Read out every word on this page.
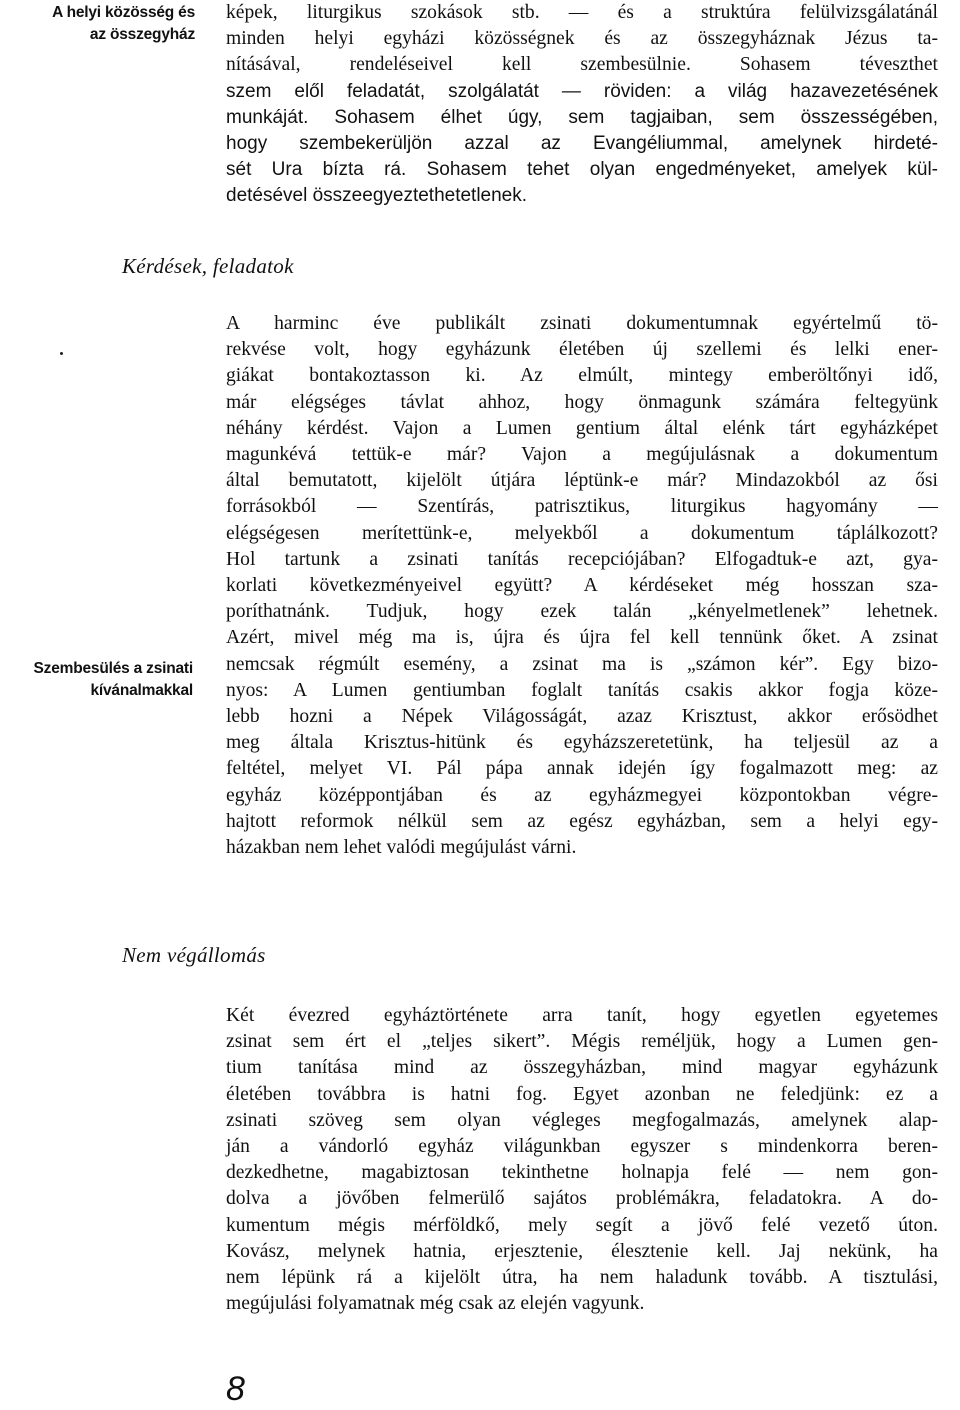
A helyi közösség és
az összegyház
Szembesülés a zsinati
kívánalmakkal
képek, liturgikus szokások stb. — és a struktúra felülvizsgálatánál
minden helyi egyházi közösségnek és az összegyháznak Jézus ta-
nításával, rendeléseivel kell szembesülnie. Sohasem téveszthet
szem elől feladatát, szolgálatát — röviden: a világ hazavezetésének
munkáját. Sohasem élhet úgy, sem tagjaiban, sem összességében,
hogy szembekerüljön azzal az Evangéliummal, amelynek hirdeté-
sét Ura bízta rá. Sohasem tehet olyan engedményeket, amelyek kül-
detésével összeegyeztethetetlenek.
Kérdések, feladatok
A harminc éve publikált zsinati dokumentumnak egyértelmű tö-
rekvése volt, hogy egyházunk életében új szellemi és lelki ener-
giákat bontakoztasson ki. Az elmúlt, mintegy emberöltőnyi idő,
már elégséges távlat ahhoz, hogy önmagunk számára feltegyünk
néhány kérdést. Vajon a Lumen gentium által elénk tárt egyházképet
magunkévá tettük-e már? Vajon a megújulásnak a dokumentum
által bemutatott, kijelölt útjára léptünk-e már? Mindazokból az ősi
forrásokból — Szentírás, patrisztikus, liturgikus hagyomány —
elégségesen merítettünk-e, melyekből a dokumentum táplálkozott?
Hol tartunk a zsinati tanítás recepciójában? Elfogadtuk-e azt, gya-
korlati következményeivel együtt? A kérdéseket még hosszan sza-
poríthatnánk. Tudjuk, hogy ezek talán „kényelmetlenek” lehetnek.
Azért, mivel még ma is, újra és újra fel kell tennünk őket. A zsinat
nemcsak régmúlt esemény, a zsinat ma is „számon kér”. Egy bizo-
nyos: A Lumen gentiumban foglalt tanítás csakis akkor fogja köze-
lebb hozni a Népek Világosságát, azaz Krisztust, akkor erősödhet
meg általa Krisztus-hitünk és egyházszeretetünk, ha teljesül az a
feltétel, melyet VI. Pál pápa annak idején így fogalmazott meg: az
egyház középpontjában és az egyházmegyei központokban végre-
hajtott reformok nélkül sem az egész egyházban, sem a helyi egy-
házakban nem lehet valódi megújulást várni.
Nem végállomás
Két évezred egyháztörténete arra tanít, hogy egyetlen egyetemes
zsinat sem ért el „teljes sikert”. Mégis reméljük, hogy a Lumen gen-
tium tanítása mind az összegyházban, mind magyar egyházunk
életében továbbra is hatni fog. Egyet azonban ne feledjünk: ez a
zsinati szöveg sem olyan végleges megfogalmazás, amelynek alap-
ján a vándorló egyház világunkban egyszer s mindenkorra beren-
dezkedhetne, magabiztosan tekinthetne holnapja felé — nem gon-
dolva a jövőben felmerülő sajátos problémákra, feladatokra. A do-
kumentum mégis mérföldkő, mely segít a jövő felé vezető úton.
Kovász, melynek hatnia, erjesztenie, élesztenie kell. Jaj nekünk, ha
nem lépünk rá a kijelölt útra, ha nem haladunk tovább. A tisztulási,
megújulási folyamatnak még csak az elején vagyunk.
8
